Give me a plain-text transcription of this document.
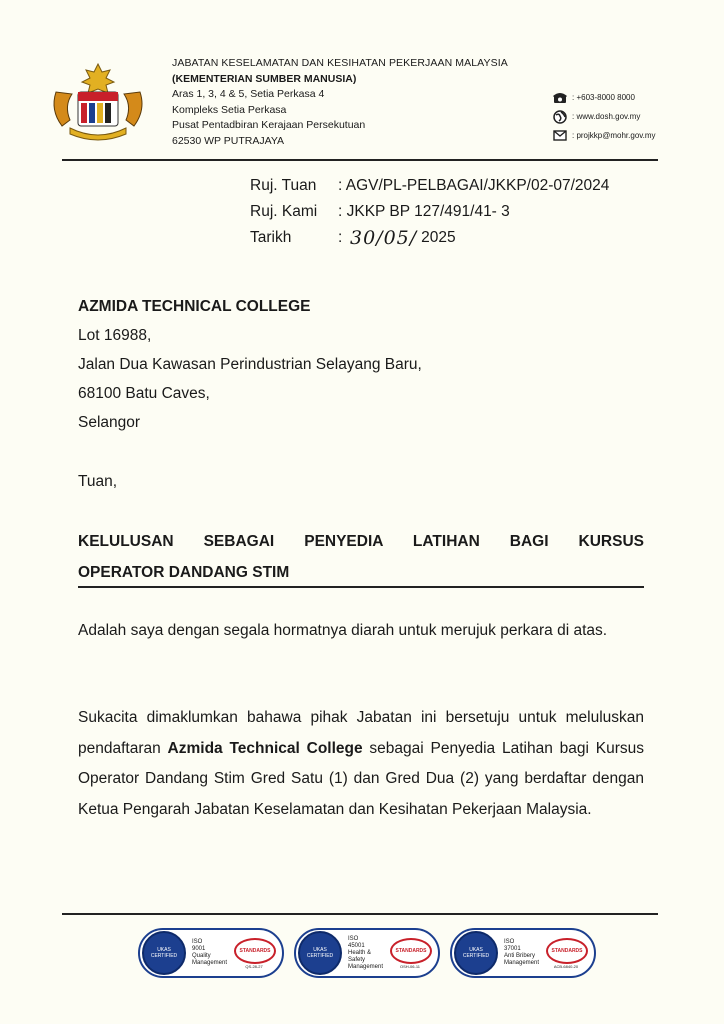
JABATAN KESELAMATAN DAN KESIHATAN PEKERJAAN MALAYSIA
(KEMENTERIAN SUMBER MANUSIA)
Aras 1, 3, 4 & 5, Setia Perkasa 4
Kompleks Setia Perkasa
Pusat Pentadbiran Kerajaan Persekutuan
62530 WP PUTRAJAYA
: +603-8000 8000
: www.dosh.gov.my
: projkkp@mohr.gov.my
Ruj. Tuan	: AGV/PL-PELBAGAI/JKKP/02-07/2024
Ruj. Kami	: JKKP BP 127/491/41- 3
Tarikh	: 30/05/ 2025
AZMIDA TECHNICAL COLLEGE
Lot 16988,
Jalan Dua Kawasan Perindustrian Selayang Baru,
68100 Batu Caves,
Selangor
Tuan,
KELULUSAN SEBAGAI PENYEDIA LATIHAN BAGI KURSUS
OPERATOR DANDANG STIM
Adalah saya dengan segala hormatnya diarah untuk merujuk perkara di atas.
Sukacita dimaklumkan bahawa pihak Jabatan ini bersetuju untuk meluluskan pendaftaran Azmida Technical College sebagai Penyedia Latihan bagi Kursus Operator Dandang Stim Gred Satu (1) dan Gred Dua (2) yang berdaftar dengan Ketua Pengarah Jabatan Keselamatan dan Kesihatan Pekerjaan Malaysia.
UKAS CERTIFIED
ISO
9001
Quality Management
STANDARDS
QS-28-27
UKAS CERTIFIED
ISO
45001
Health & Safety Management
STANDARDS
OSH-06-11
UKAS CERTIFIED
ISO
37001
Anti Bribery Management
STANDARDS
ACB-6840-20
